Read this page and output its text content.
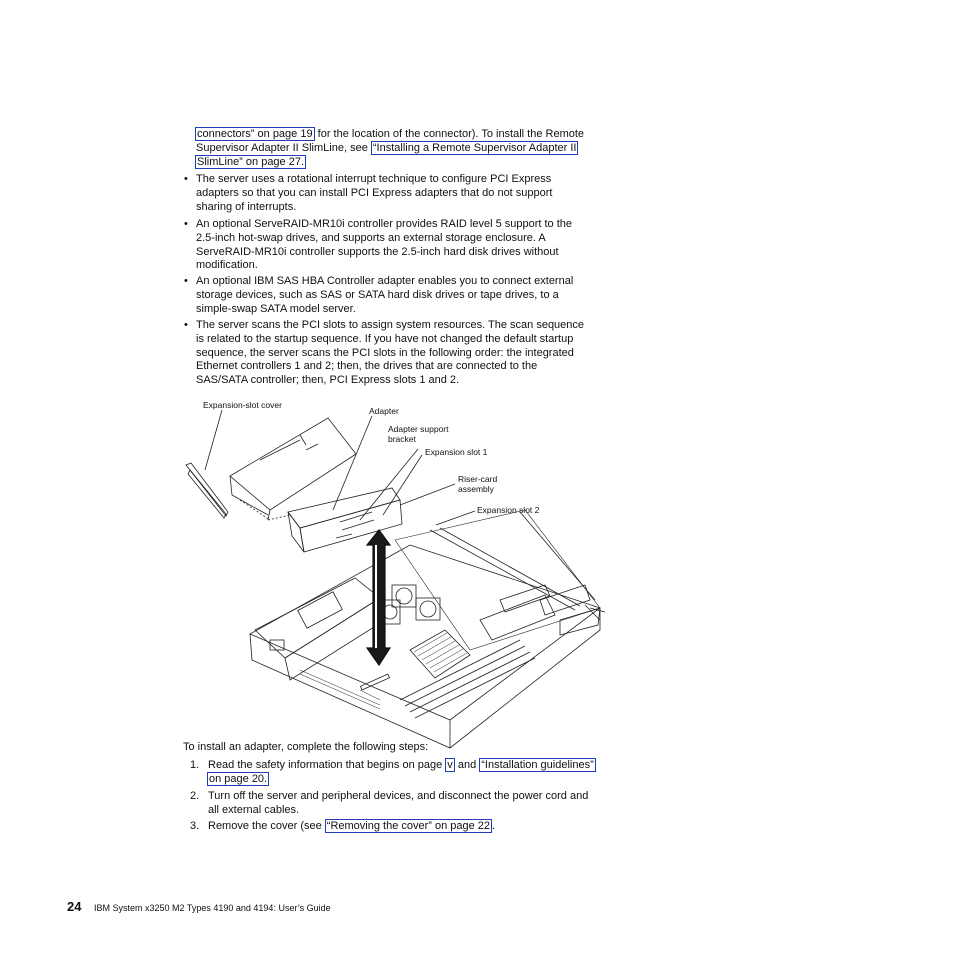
connectors” on page 19 for the location of the connector). To install the Remote
Supervisor Adapter II SlimLine, see “Installing a Remote Supervisor Adapter II
SlimLine” on page 27.
• The server uses a rotational interrupt technique to configure PCI Express
adapters so that you can install PCI Express adapters that do not support
sharing of interrupts.
• An optional ServeRAID-MR10i controller provides RAID level 5 support to the
2.5-inch hot-swap drives, and supports an external storage enclosure. A
ServeRAID-MR10i controller supports the 2.5-inch hard disk drives without
modification.
• An optional IBM SAS HBA Controller adapter enables you to connect external
storage devices, such as SAS or SATA hard disk drives or tape drives, to a
simple-swap SATA model server.
• The server scans the PCI slots to assign system resources. The scan sequence
is related to the startup sequence. If you have not changed the default startup
sequence, the server scans the PCI slots in the following order: the integrated
Ethernet controllers 1 and 2; then, the drives that are connected to the
SAS/SATA controller; then, PCI Express slots 1 and 2.
Expansion-slot cover
Adapter
Adapter support
bracket
Expansion slot 1
Riser-card
assembly
Expansion slot 2
To install an adapter, complete the following steps:
1. Read the safety information that begins on page v and “Installation guidelines”
on page 20.
2. Turn off the server and peripheral devices, and disconnect the power cord and
all external cables.
3. Remove the cover (see “Removing the cover” on page 22 .
24 IBM System x3250 M2 Types 4190 and 4194: User’s Guide
